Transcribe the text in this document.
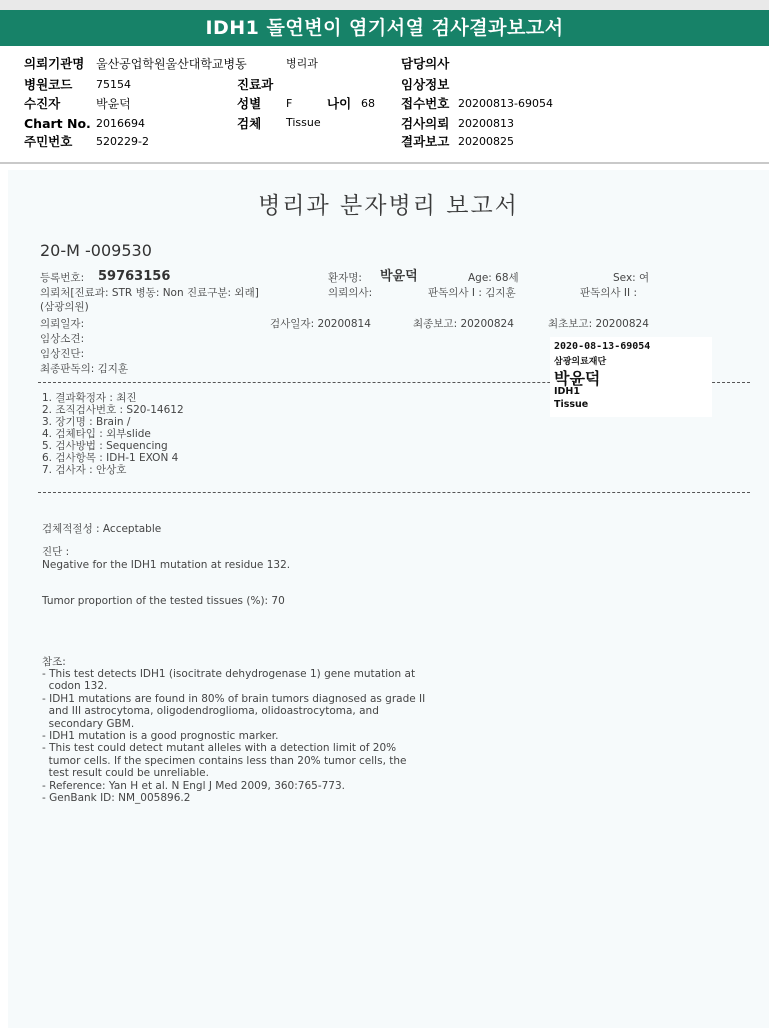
IDH1 돌연변이 염기서열 검사결과보고서
의뢰기관명 울산공업학원울산대학교병동	병리과	담당의사
병원코드 75154	진료과	임상정보
수진자	박윤덕	성별 F	나이 68 접수번호 20200813-69054
Chart No. 2016694	검체 Tissue	검사의뢰 20200813
주민번호 520229-2	결과보고 20200825
병리과 분자병리 보고서
20-M -009530
등록번호: 59763156	환자명: 박윤덕	Age: 68세	Sex: 여
의뢰처[진료과: STR 병동: Non 진료구분: 외래]	의뢰의사:	판독의사 I : 김지훈	판독의사 II :
(삼광의원)
의뢰일자:	검사일자: 20200814	최종보고: 20200824	최초보고: 20200824
임상소견:
임상진단:
최종판독의: 김지훈
2020-08-13-69054
삼광의료재단
박윤덕
IDH1
Tissue
1. 결과확정자 : 최진
2. 조직검사번호 : S20-14612
3. 장기명 : Brain /
4. 검체타입 : 외부slide
5. 검사방법 : Sequencing
6. 검사항목 : IDH-1 EXON 4
7. 검사자 : 안상호
검체적절성 : Acceptable
진단 :
Negative for the IDH1 mutation at residue 132.
Tumor proportion of the tested tissues (%): 70
참조:
- This test detects IDH1 (isocitrate dehydrogenase 1) gene mutation at
codon 132.
- IDH1 mutations are found in 80% of brain tumors diagnosed as grade II
and III astrocytoma, oligodendroglioma, olidoastrocytoma, and
secondary GBM.
- IDH1 mutation is a good prognostic marker.
- This test could detect mutant alleles with a detection limit of 20%
tumor cells. If the specimen contains less than 20% tumor cells, the
test result could be unreliable.
- Reference: Yan H et al. N Engl J Med 2009, 360:765-773.
- GenBank ID: NM_005896.2
